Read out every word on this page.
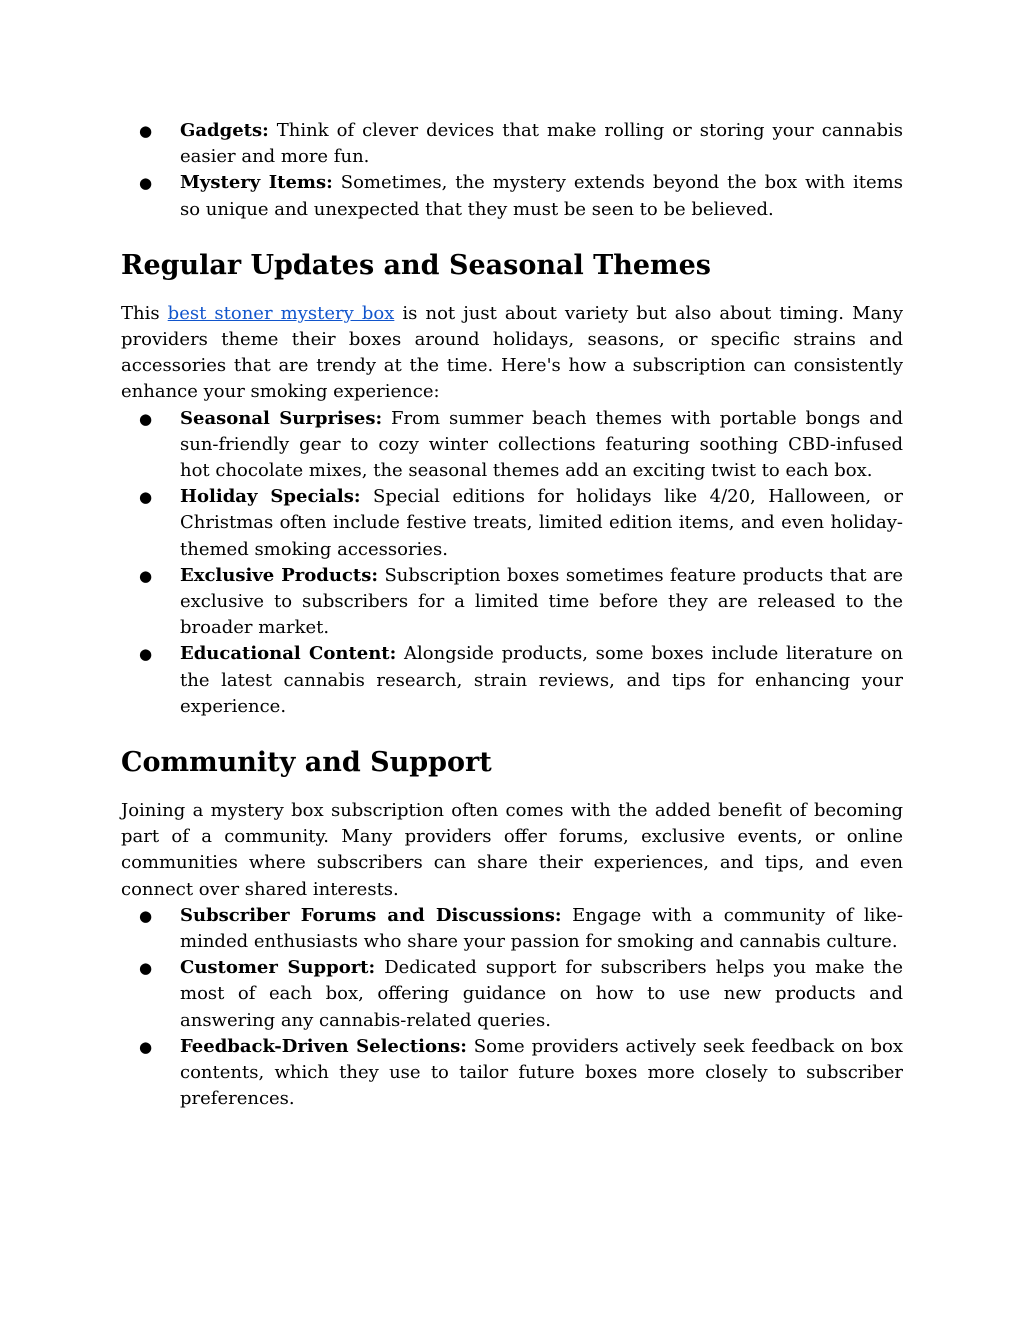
● Gadgets: Think of clever devices that make rolling or storing your cannabis easier and more fun.
● Mystery Items: Sometimes, the mystery extends beyond the box with items so unique and unexpected that they must be seen to be believed.
Regular Updates and Seasonal Themes

This best stoner mystery box is not just about variety but also about timing. Many providers theme their boxes around holidays, seasons, or specific strains and accessories that are trendy at the time. Here's how a subscription can consistently enhance your smoking experience:

● Seasonal Surprises: From summer beach themes with portable bongs and sun-friendly gear to cozy winter collections featuring soothing CBD-infused hot chocolate mixes, the seasonal themes add an exciting twist to each box.
● Holiday Specials: Special editions for holidays like 4/20, Halloween, or Christmas often include festive treats, limited edition items, and even holiday-themed smoking accessories.
● Exclusive Products: Subscription boxes sometimes feature products that are exclusive to subscribers for a limited time before they are released to the broader market.
● Educational Content: Alongside products, some boxes include literature on the latest cannabis research, strain reviews, and tips for enhancing your experience.
Community and Support

Joining a mystery box subscription often comes with the added benefit of becoming part of a community. Many providers offer forums, exclusive events, or online communities where subscribers can share their experiences, and tips, and even connect over shared interests.

● Subscriber Forums and Discussions: Engage with a community of like-minded enthusiasts who share your passion for smoking and cannabis culture.
● Customer Support: Dedicated support for subscribers helps you make the most of each box, offering guidance on how to use new products and answering any cannabis-related queries.
● Feedback-Driven Selections: Some providers actively seek feedback on box contents, which they use to tailor future boxes more closely to subscriber preferences.
